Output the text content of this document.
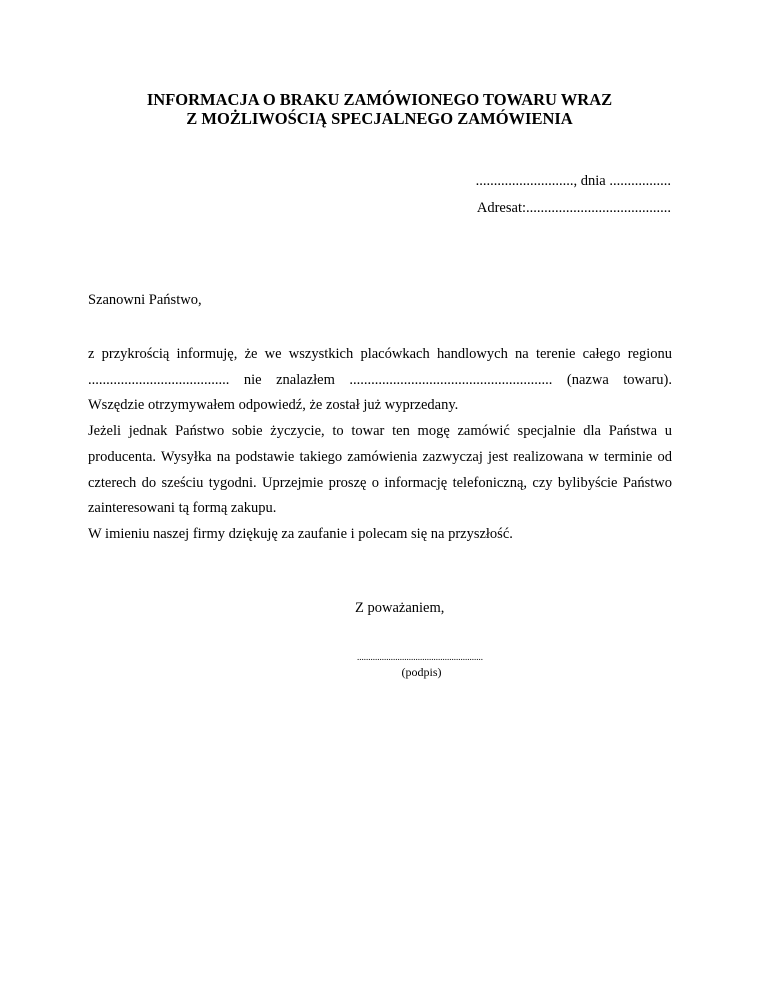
INFORMACJA O BRAKU ZAMÓWIONEGO TOWARU WRAZ
Z MOŻLIWOŚCIĄ SPECJALNEGO ZAMÓWIENIA
..........................., dnia .................
Adresat:........................................
Szanowni Państwo,

z przykrością informuję, że we wszystkich placówkach handlowych na terenie całego regionu ....................................... nie znalazłem ........................................................ (nazwa towaru). Wszędzie otrzymywałem odpowiedź, że został już wyprzedany.

Jeżeli jednak Państwo sobie życzycie, to towar ten mogę zamówić specjalnie dla Państwa u producenta. Wysyłka na podstawie takiego zamówienia zazwyczaj jest realizowana w terminie od czterech do sześciu tygodni. Uprzejmie proszę o informację telefoniczną, czy bylibyście Państwo zainteresowani tą formą zakupu.

W imieniu naszej firmy dziękuję za zaufanie i polecam się na przyszłość.

Z poważaniem,
........................................................
(podpis)
